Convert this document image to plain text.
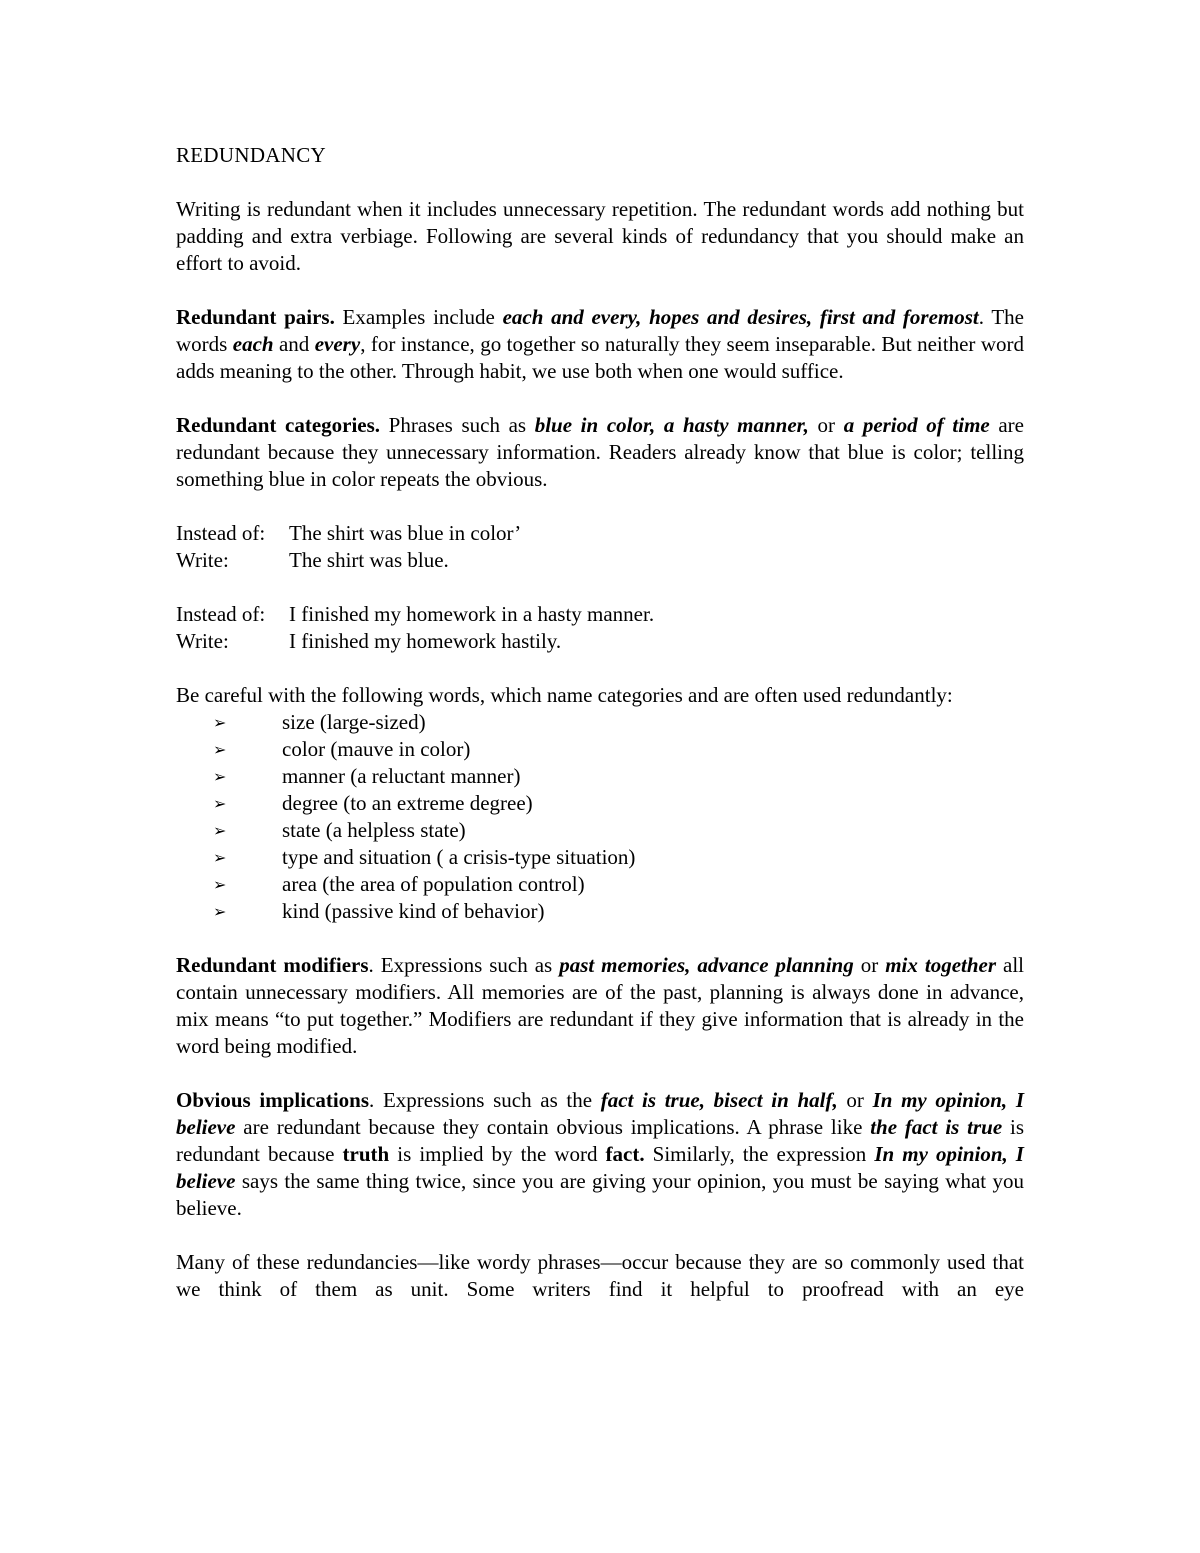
REDUNDANCY

Writing is redundant when it includes unnecessary repetition. The redundant words add nothing but padding and extra verbiage. Following are several kinds of redundancy that you should make an effort to avoid.

Redundant pairs. Examples include each and every, hopes and desires, first and foremost. The words each and every, for instance, go together so naturally they seem inseparable. But neither word adds meaning to the other. Through habit, we use both when one would suffice.

Redundant categories. Phrases such as blue in color, a hasty manner, or a period of time are redundant because they unnecessary information. Readers already know that blue is color; telling something blue in color repeats the obvious.

Instead of:	The shirt was blue in color’
Write:	The shirt was blue.
Instead of:	I finished my homework in a hasty manner.
Write:	I finished my homework hastily.

Be careful with the following words, which name categories and are often used redundantly:

➢	size (large-sized)
➢	color (mauve in color)
➢	manner (a reluctant manner)
➢	degree (to an extreme degree)
➢	state (a helpless state)
➢	type and situation ( a crisis-type situation)
➢	area (the area of population control)
➢	kind (passive kind of behavior)

Redundant modifiers. Expressions such as past memories, advance planning or mix together all contain unnecessary modifiers. All memories are of the past, planning is always done in advance, mix means “to put together.” Modifiers are redundant if they give information that is already in the word being modified.

Obvious implications. Expressions such as the fact is true, bisect in half, or In my opinion, I believe are redundant because they contain obvious implications. A phrase like the fact is true is redundant because truth is implied by the word fact. Similarly, the expression In my opinion, I believe says the same thing twice, since you are giving your opinion, you must be saying what you believe.

Many of these redundancies—like wordy phrases—occur because they are so commonly used that we think of them as unit. Some writers find it helpful to proofread with an eye
